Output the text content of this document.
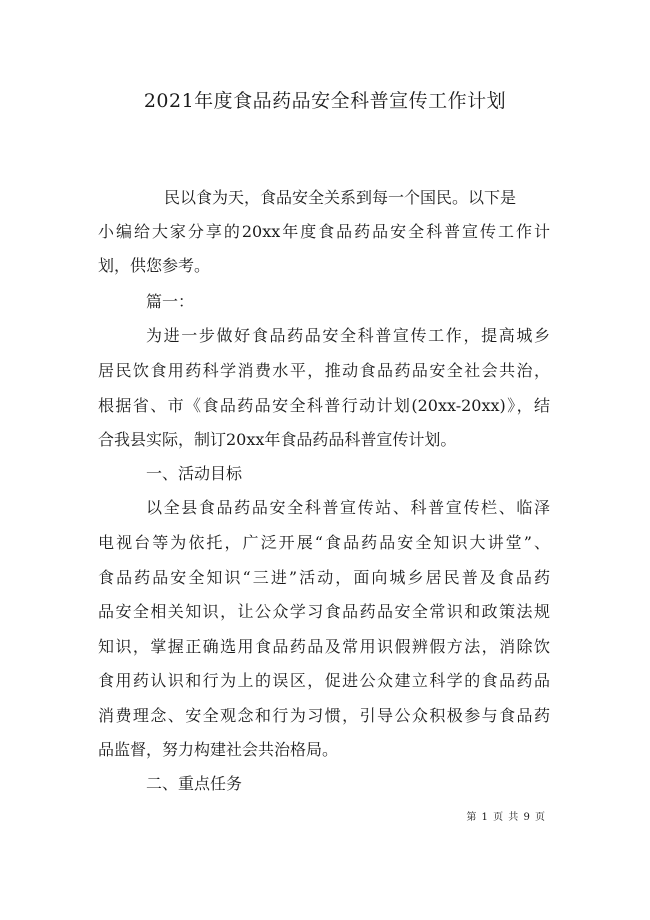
2021年度食品药品安全科普宣传工作计划
民以食为天，食品安全关系到每一个国民。以下是
小编给大家分享的20xx年度食品药品安全科普宣传工作计
划，供您参考。
篇一：
为进一步做好食品药品安全科普宣传工作，提高城乡
居民饮食用药科学消费水平，推动食品药品安全社会共治，
根据省、市《食品药品安全科普行动计划(20xx-20xx)》，结
合我县实际，制订20xx年食品药品科普宣传计划。
一、活动目标
以全县食品药品安全科普宣传站、科普宣传栏、临泽
电视台等为依托，广泛开展“食品药品安全知识大讲堂”、
食品药品安全知识“三进”活动，面向城乡居民普及食品药
品安全相关知识，让公众学习食品药品安全常识和政策法规
知识，掌握正确选用食品药品及常用识假辨假方法，消除饮
食用药认识和行为上的误区，促进公众建立科学的食品药品
消费理念、安全观念和行为习惯，引导公众积极参与食品药
品监督，努力构建社会共治格局。
二、重点任务
第 1 页 共 9 页
